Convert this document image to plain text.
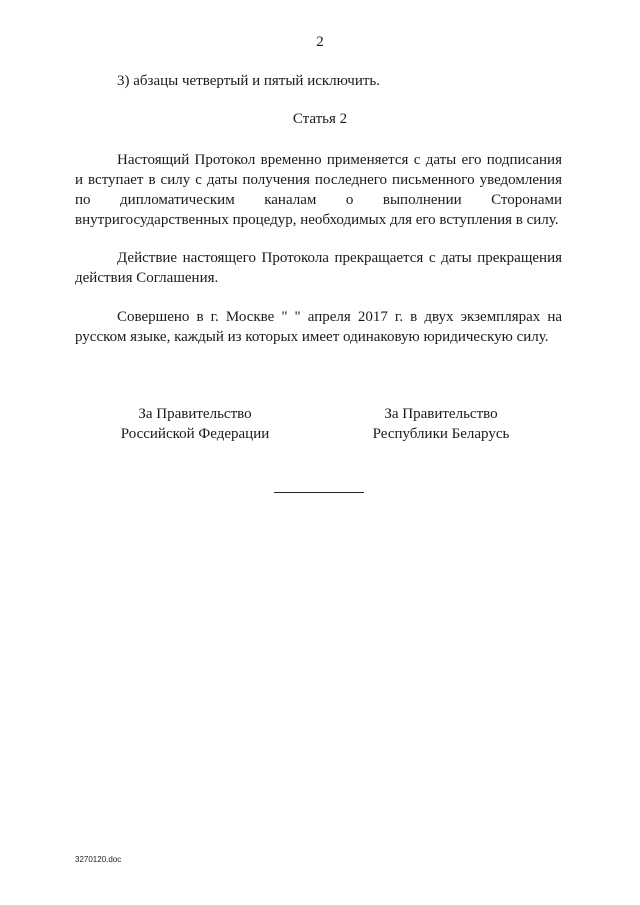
2
3) абзацы четвертый и пятый исключить.
Статья 2
Настоящий Протокол временно применяется с даты его подписания и вступает в силу с даты получения последнего письменного уведомления по дипломатическим каналам о выполнении Сторонами внутригосударственных процедур, необходимых для его вступления в силу.
Действие настоящего Протокола прекращается с даты прекращения действия Соглашения.
Совершено в г. Москве " " апреля 2017 г. в двух экземплярах на русском языке, каждый из которых имеет одинаковую юридическую силу.
За Правительство
Российской Федерации
За Правительство
Республики Беларусь
3270120.doc
